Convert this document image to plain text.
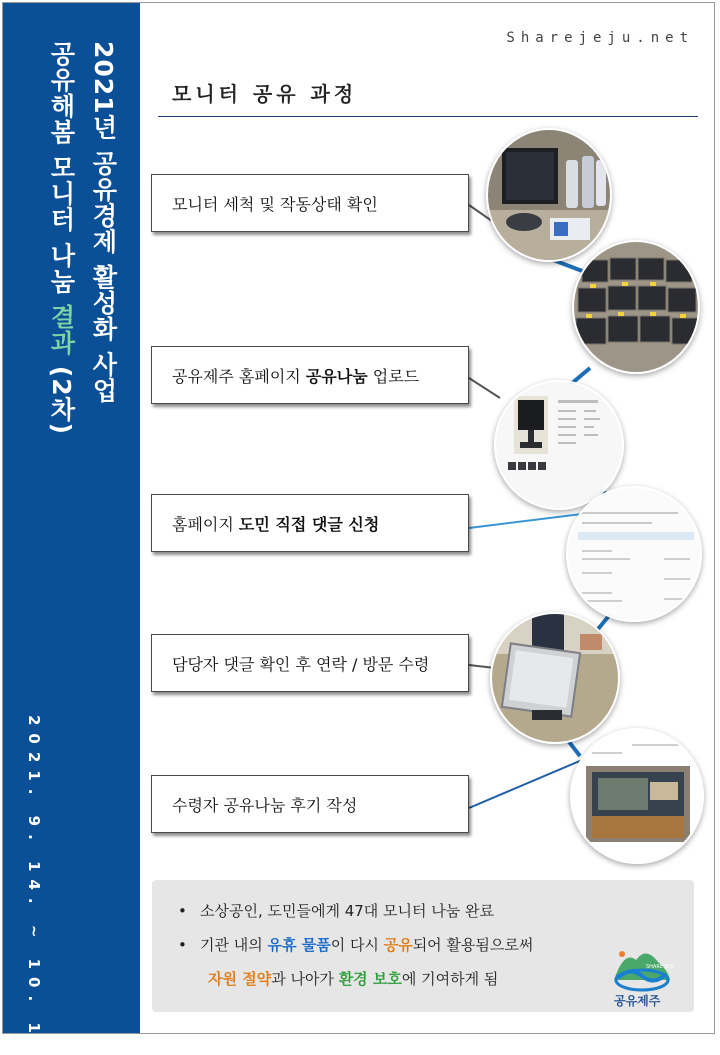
2021년 공유경제 활성화 사업
공유해봄 모니터 나눔 결과 (2차)
2021. 9. 14. ~ 10. 1.
Sharejeju.net
모니터 공유 과정
모니터 세척 및 작동상태 확인
공유제주 홈페이지 공유나눔 업로드
홈페이지 도민 직접 댓글 신청
담당자 댓글 확인 후 연락 / 방문 수령
수령자 공유나눔 후기 작성
• 소상공인, 도민들에게 47대 모니터 나눔 완료
• 기관 내의 유휴 물품이 다시 공유되어 활용됨으로써
자원 절약과 나아가 환경 보호에 기여하게 됨
SHARE JEJU
공유제주
